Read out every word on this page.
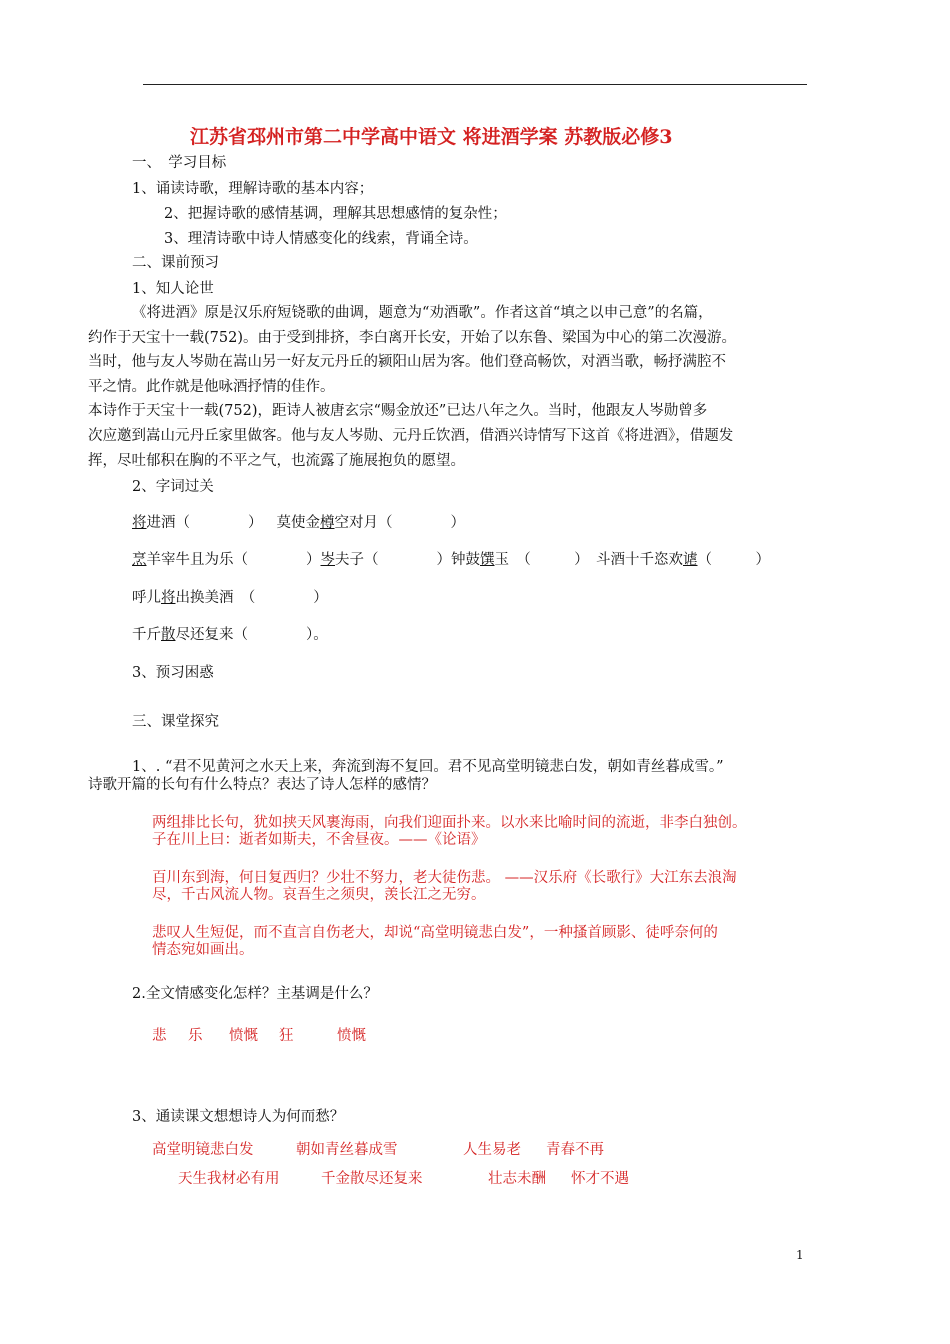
江苏省邳州市第二中学高中语文 将进酒学案 苏教版必修3
一、　学习目标
1、诵读诗歌，理解诗歌的基本内容；
2、把握诗歌的感情基调，理解其思想感情的复杂性；
3、理清诗歌中诗人情感变化的线索，背诵全诗。
二、课前预习
1、知人论世
《将进酒》原是汉乐府短铙歌的曲调，题意为“劝酒歌”。作者这首“填之以申己意”的名篇，
约作于天宝十一载(752)。由于受到排挤，李白离开长安，开始了以东鲁、梁国为中心的第二次漫游。
当时，他与友人岑勋在嵩山另一好友元丹丘的颍阳山居为客。他们登高畅饮，对酒当歌，畅抒满腔不
平之情。此作就是他咏酒抒情的佳作。
本诗作于天宝十一载(752)，距诗人被唐玄宗“赐金放还”已达八年之久。当时，他跟友人岑勋曾多
次应邀到嵩山元丹丘家里做客。他与友人岑勋、元丹丘饮酒，借酒兴诗情写下这首《将进酒》，借题发
挥，尽吐郁积在胸的不平之气，也流露了施展抱负的愿望。
2、字词过关
将进酒（　　　　） 莫使金樽空对月（　　　　）
烹羊宰牛且为乐（　　　　）岑夫子（　　　　）钟鼓馔玉　（　　　）　斗酒十千恣欢谑（　　　）
呼儿将出换美酒　（　　　　）
千斤散尽还复来（　　　　）。
3、预习困惑
三、课堂探究
1、. “君不见黄河之水天上来，奔流到海不复回。君不见高堂明镜悲白发，朝如青丝暮成雪。”
诗歌开篇的长句有什么特点？表达了诗人怎样的感情？
两组排比长句，犹如挟天风裹海雨，向我们迎面扑来。以水来比喻时间的流逝，非李白独创。
子在川上曰：逝者如斯夫，不舍昼夜。——《论语》
百川东到海，何日复西归？少壮不努力，老大徒伤悲。 ——汉乐府《长歌行》大江东去浪淘
尽，千古风流人物。哀吾生之须臾，羡长江之无穷。
悲叹人生短促，而不直言自伤老大，却说“高堂明镜悲白发”，一种搔首顾影、徒呼奈何的
情态宛如画出。
2.全文情感变化怎样？主基调是什么？
悲 乐 愤慨 狂	愤慨
3、通读课文想想诗人为何而愁？
高堂明镜悲白发	朝如青丝暮成雪	人生易老 青春不再
天生我材必有用	千金散尽还复来	壮志未酬 怀才不遇
1
